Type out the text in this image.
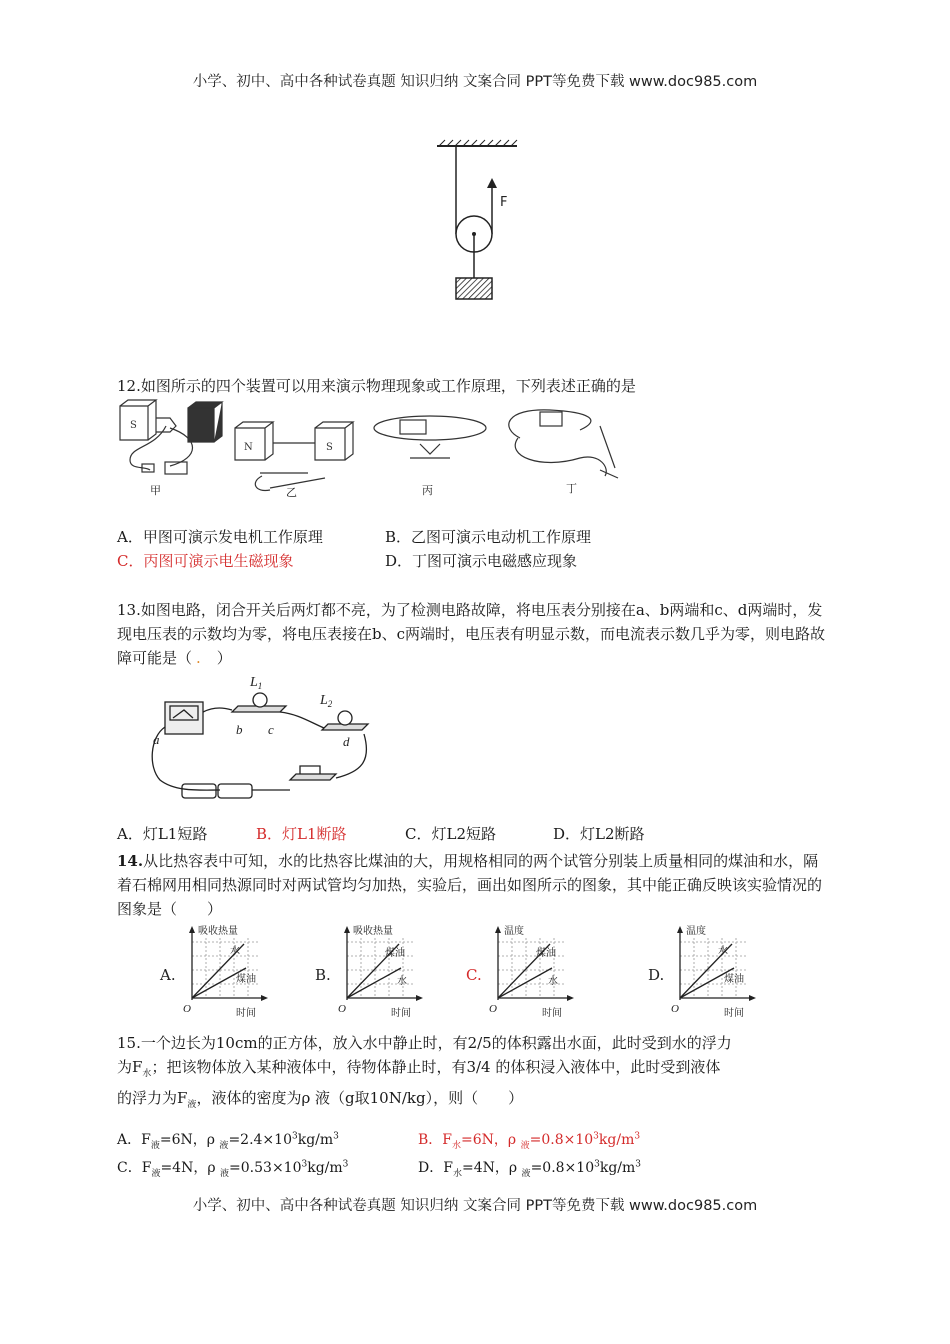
小学、初中、高中各种试卷真题 知识归纳 文案合同 PPT等免费下载 www.doc985.com
F
12.如图所示的四个装置可以用来演示物理现象或工作原理，下列表述正确的是
S
N	S
甲	乙	丙	丁
A．甲图可演示发电机工作原理	B．乙图可演示电动机工作原理
C．丙图可演示电生磁现象	D．丁图可演示电磁感应现象
13.如图电路，闭合开关后两灯都不亮，为了检测电路故障，将电压表分别接在a、b两端和c、d两端时，发现电压表的示数均为零，将电压表接在b、c两端时，电压表有明显示数，而电流表示数几乎为零，则电路故障可能是（ . ）
$L_1$
$L_2$
a
b c
d
A．灯L1短路	B．灯L1断路	C．灯L2短路	D．灯L2断路
14.从比热容表中可知，水的比热容比煤油的大，用规格相同的两个试管分别装上质量相同的煤油和水，隔着石棉网用相同热源同时对两试管均匀加热，实验后，画出如图所示的图象，其中能正确反映该实验情况的图象是（　　）
A.
吸收热量
水
煤油
O	时间
B.
吸收热量
煤油
水
O	时间
C.
温度
煤油
水
O	时间
D.
温度
水
煤油
O	时间
15.一个边长为10cm的正方体，放入水中静止时，有2/5的体积露出水面，此时受到水的浮力
为$F_水$；把该物体放入某种液体中，待物体静止时，有3/4 的体积浸入液体中，此时受到液体
的浮力为$F_液$，液体的密度为ρ 液（g取10N/kg），则（　　）
A．$F_液=6N$，ρ $_液=2.4\times 10^3kg/m^3$	B．$F_水=6N$，ρ $_液=0.8\times 10^3kg/m^3$
C．$F_液=4N$，ρ $_液=0.53\times 10^3kg/m^3$	D．$F_水=4N$，ρ $_液=0.8\times 10^3kg/m^3$
小学、初中、高中各种试卷真题 知识归纳 文案合同 PPT等免费下载 www.doc985.com
